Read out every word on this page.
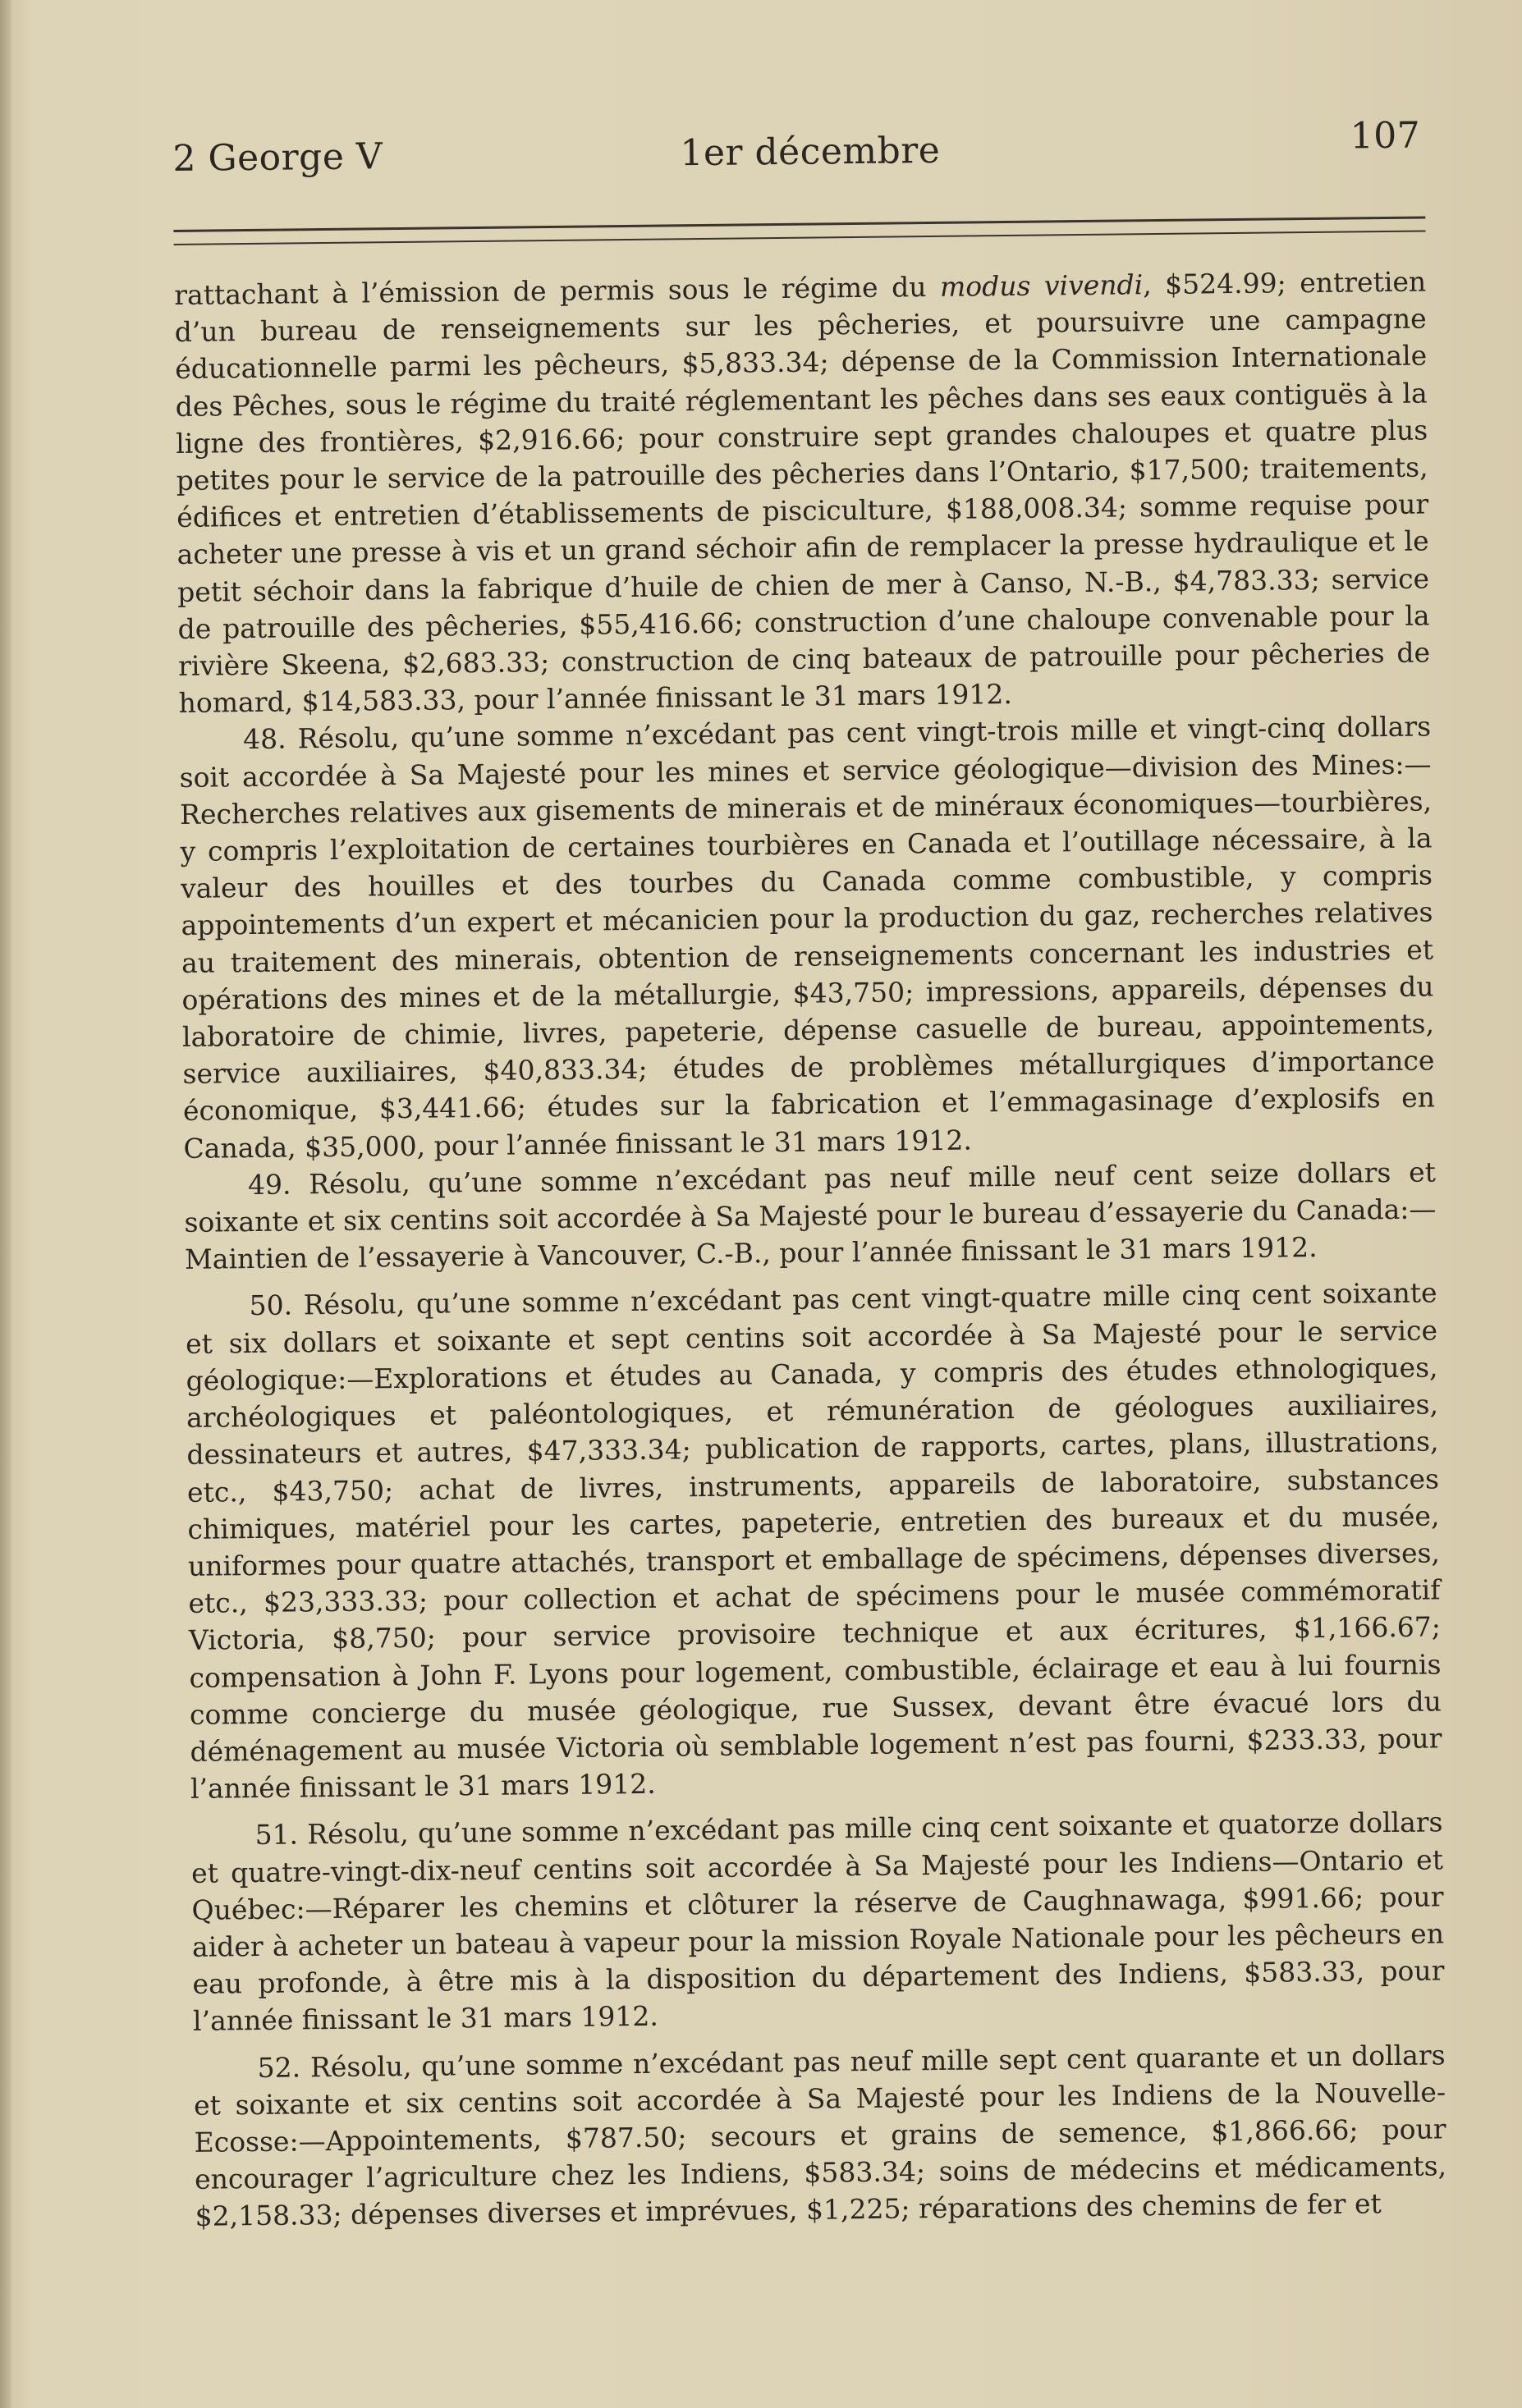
2 George V	1er décembre	107

rattachant à l’émission de permis sous le régime du modus vivendi, $524.99; entretien d’un bureau de renseignements sur les pêcheries, et poursuivre une campagne éducationnelle parmi les pêcheurs, $5,833.34; dépense de la Commission Internationale des Pêches, sous le régime du traité réglementant les pêches dans ses eaux contiguës à la ligne des frontières, $2,916.66; pour construire sept grandes chaloupes et quatre plus petites pour le service de la patrouille des pêcheries dans l’Ontario, $17,500; traitements, édifices et entretien d’établissements de pisciculture, $188,008.34; somme requise pour acheter une presse à vis et un grand séchoir afin de remplacer la presse hydraulique et le petit séchoir dans la fabrique d’huile de chien de mer à Canso, N.-B., $4,783.33; service de patrouille des pêcheries, $55,416.66; construction d’une chaloupe convenable pour la rivière Skeena, $2,683.33; construction de cinq bateaux de patrouille pour pêcheries de homard, $14,583.33, pour l’année finissant le 31 mars 1912.

48. Résolu, qu’une somme n’excédant pas cent vingt-trois mille et vingt-cinq dollars soit accordée à Sa Majesté pour les mines et service géologique—division des Mines:—Recherches relatives aux gisements de minerais et de minéraux économiques—tourbières, y compris l’exploitation de certaines tourbières en Canada et l’outillage nécessaire, à la valeur des houilles et des tourbes du Canada comme combustible, y compris appointements d’un expert et mécanicien pour la production du gaz, recherches relatives au traitement des minerais, obtention de renseignements concernant les industries et opérations des mines et de la métallurgie, $43,750; impressions, appareils, dépenses du laboratoire de chimie, livres, papeterie, dépense casuelle de bureau, appointements, service auxiliaires, $40,833.34; études de problèmes métallurgiques d’importance économique, $3,441.66; études sur la fabrication et l’emmagasinage d’explosifs en Canada, $35,000, pour l’année finissant le 31 mars 1912.

49. Résolu, qu’une somme n’excédant pas neuf mille neuf cent seize dollars et soixante et six centins soit accordée à Sa Majesté pour le bureau d’essayerie du Canada:—Maintien de l’essayerie à Vancouver, C.-B., pour l’année finissant le 31 mars 1912.

50. Résolu, qu’une somme n’excédant pas cent vingt-quatre mille cinq cent soixante et six dollars et soixante et sept centins soit accordée à Sa Majesté pour le service géologique:—Explorations et études au Canada, y compris des études ethnologiques, archéologiques et paléontologiques, et rémunération de géologues auxiliaires, dessinateurs et autres, $47,333.34; publication de rapports, cartes, plans, illustrations, etc., $43,750; achat de livres, instruments, appareils de laboratoire, substances chimiques, matériel pour les cartes, papeterie, entretien des bureaux et du musée, uniformes pour quatre attachés, transport et emballage de spécimens, dépenses diverses, etc., $23,333.33; pour collection et achat de spécimens pour le musée commémoratif Victoria, $8,750; pour service provisoire technique et aux écritures, $1,166.67; compensation à John F. Lyons pour logement, combustible, éclairage et eau à lui fournis comme concierge du musée géologique, rue Sussex, devant être évacué lors du déménagement au musée Victoria où semblable logement n’est pas fourni, $233.33, pour l’année finissant le 31 mars 1912.

51. Résolu, qu’une somme n’excédant pas mille cinq cent soixante et quatorze dollars et quatre-vingt-dix-neuf centins soit accordée à Sa Majesté pour les Indiens—Ontario et Québec:—Réparer les chemins et clôturer la réserve de Caughnawaga, $991.66; pour aider à acheter un bateau à vapeur pour la mission Royale Nationale pour les pêcheurs en eau profonde, à être mis à la disposition du département des Indiens, $583.33, pour l’année finissant le 31 mars 1912.

52. Résolu, qu’une somme n’excédant pas neuf mille sept cent quarante et un dollars et soixante et six centins soit accordée à Sa Majesté pour les Indiens de la Nouvelle-Ecosse:—Appointements, $787.50; secours et grains de semence, $1,866.66; pour encourager l’agriculture chez les Indiens, $583.34; soins de médecins et médicaments, $2,158.33; dépenses diverses et imprévues, $1,225; réparations des chemins de fer et
